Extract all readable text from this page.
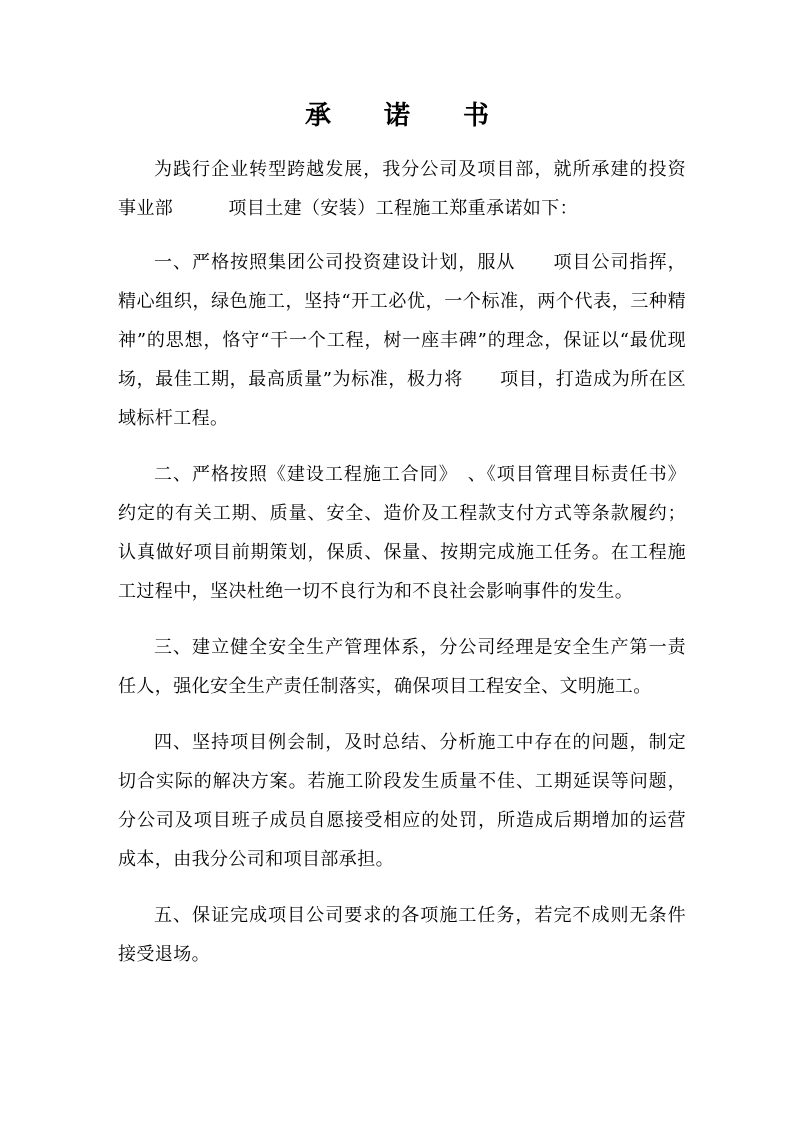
承 诺 书

为践行企业转型跨越发展，我分公司及项目部，就所承建的投资事业部　　　项目土建（安装）工程施工郑重承诺如下：

一、严格按照集团公司投资建设计划，服从　　项目公司指挥，精心组织，绿色施工，坚持“开工必优，一个标准，两个代表，三种精神”的思想，恪守“干一个工程，树一座丰碑”的理念，保证以“最优现场，最佳工期，最高质量”为标准，极力将　　项目，打造成为所在区域标杆工程。

二、严格按照《建设工程施工合同》　、《项目管理目标责任书》约定的有关工期、质量、安全、造价及工程款支付方式等条款履约；认真做好项目前期策划，保质、保量、按期完成施工任务。在工程施工过程中，坚决杜绝一切不良行为和不良社会影响事件的发生。

三、建立健全安全生产管理体系，分公司经理是安全生产第一责任人，强化安全生产责任制落实，确保项目工程安全、文明施工。

四、坚持项目例会制，及时总结、分析施工中存在的问题，制定切合实际的解决方案。若施工阶段发生质量不佳、工期延误等问题，分公司及项目班子成员自愿接受相应的处罚，所造成后期增加的运营成本，由我分公司和项目部承担。

五、保证完成项目公司要求的各项施工任务，若完不成则无条件接受退场。
